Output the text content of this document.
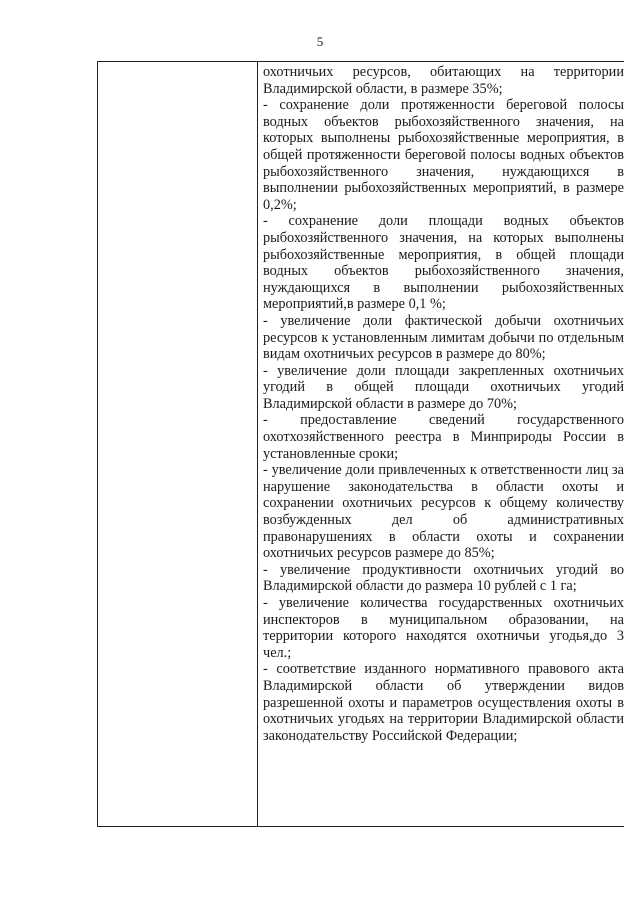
5

охотничьих ресурсов, обитающих на территории Владимирской области, в размере 35%;

- сохранение доли протяженности береговой полосы водных объектов рыбохозяйственного значения, на которых выполнены рыбохозяйственные мероприятия, в общей протяженности береговой полосы водных объектов рыбохозяйственного значения, нуждающихся в выполнении рыбохозяйственных мероприятий, в размере 0,2%;

- сохранение доли площади водных объектов рыбохозяйственного значения, на которых выполнены рыбохозяйственные мероприятия, в общей площади водных объектов рыбохозяйственного значения, нуждающихся в выполнении рыбохозяйственных мероприятий,в размере 0,1 %;

- увеличение доли фактической добычи охотничьих ресурсов к установленным лимитам добычи по отдельным видам охотничьих ресурсов в размере до 80%;

- увеличение доли площади закрепленных охотничьих угодий в общей площади охотничьих угодий Владимирской области в размере до 70%;

- предоставление сведений государственного охотхозяйственного реестра в Минприроды России в установленные сроки;

- увеличение доли привлеченных к ответственности лиц за нарушение законодательства в области охоты и сохранении охотничьих ресурсов к общему количеству возбужденных дел об административных правонарушениях в области охоты и сохранении охотничьих ресурсов размере до 85%;

- увеличение продуктивности охотничьих угодий во Владимирской области до размера 10 рублей с 1 га;

- увеличение количества государственных охотничьих инспекторов в муниципальном образовании, на территории которого находятся охотничьи угодья,до 3 чел.;

- соответствие изданного нормативного правового акта Владимирской области об утверждении видов разрешенной охоты и параметров осуществления охоты в охотничьих угодьях на территории Владимирской области законодательству Российской Федерации;
